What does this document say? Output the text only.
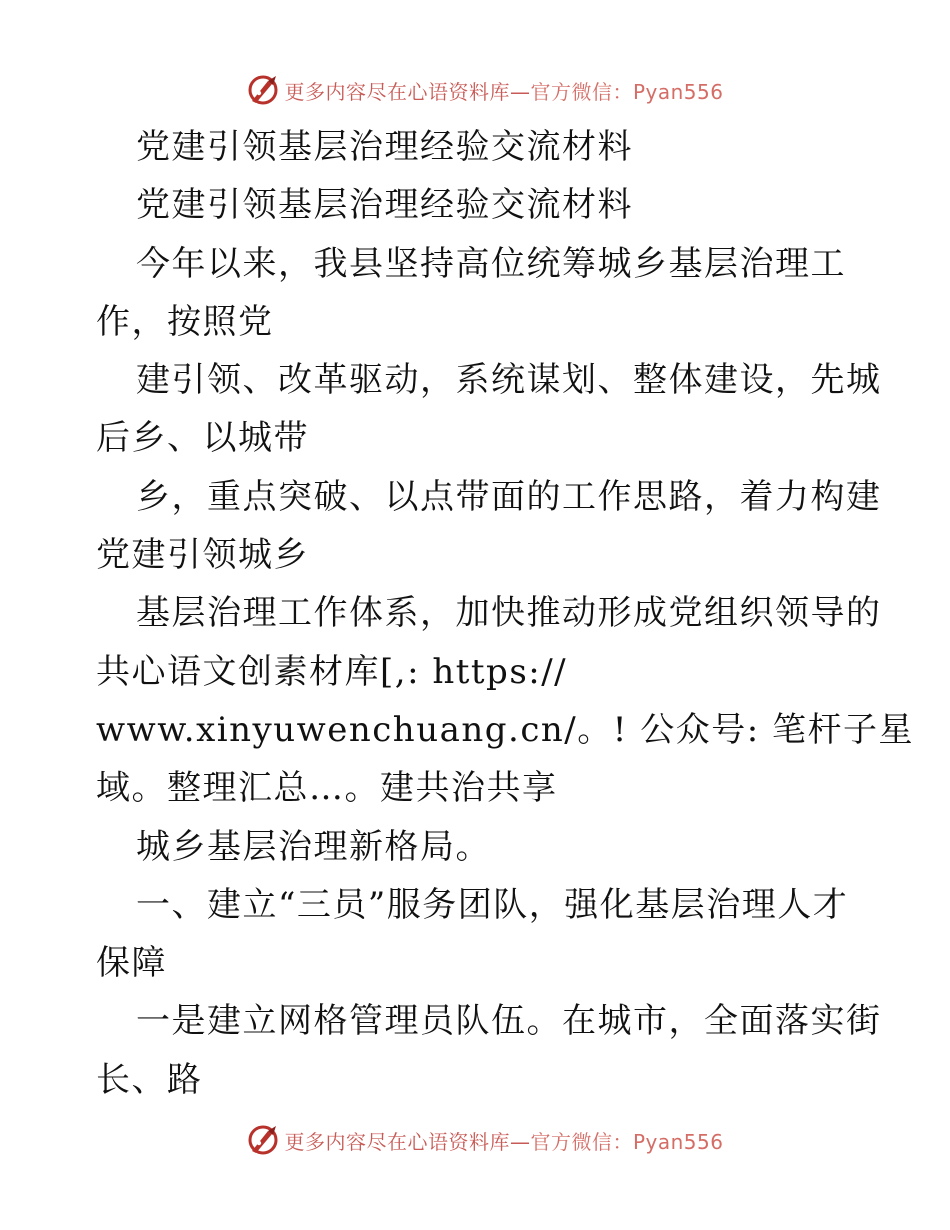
更多内容尽在心语资料库—官方微信：Pyan556
党建引领基层治理经验交流材料
党建引领基层治理经验交流材料
今年以来，我县坚持高位统筹城乡基层治理工
作，按照党
建引领、改革驱动，系统谋划、整体建设，先城
后乡、以城带
乡，重点突破、以点带面的工作思路，着力构建
党建引领城乡
基层治理工作体系，加快推动形成党组织领导的
共心语文创素材库[,: https://
www.xinyuwenchuang.cn/。! 公众号: 笔杆子星
域。整理汇总…。建共治共享
城乡基层治理新格局。
一、建立“三员”服务团队，强化基层治理人才
保障
一是建立网格管理员队伍。在城市，全面落实街
长、路
更多内容尽在心语资料库—官方微信：Pyan556
